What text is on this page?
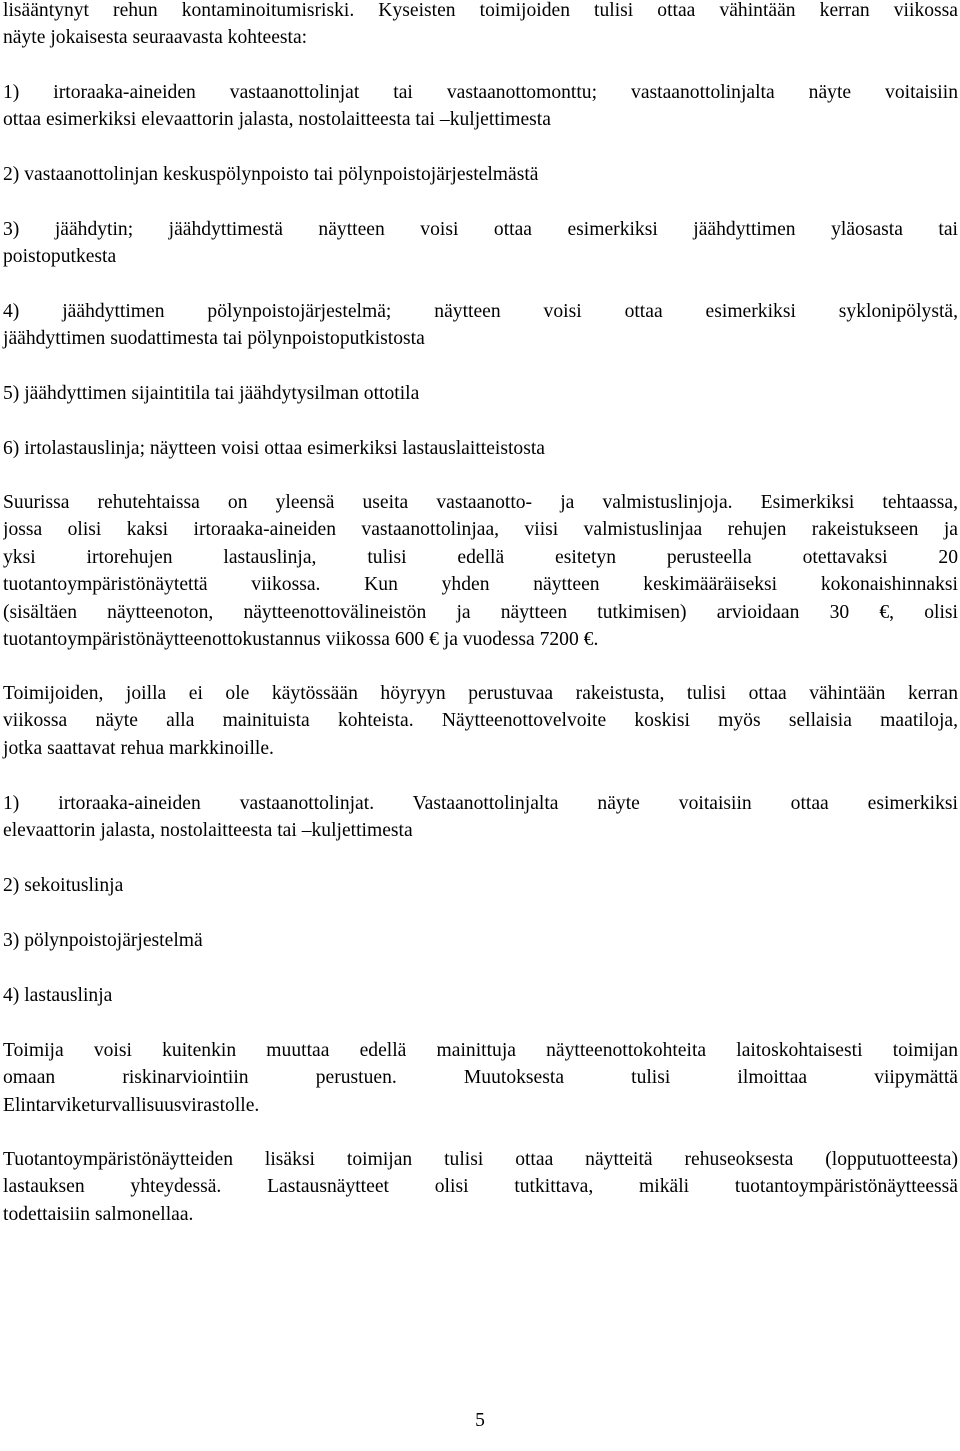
lisääntynyt rehun kontaminoitumisriski. Kyseisten toimijoiden tulisi ottaa vähintään kerran viikossa
näyte jokaisesta seuraavasta kohteesta:
1) irtoraaka-aineiden vastaanottolinjat tai vastaanottomonttu; vastaanottolinjalta näyte voitaisiin
ottaa esimerkiksi elevaattorin jalasta, nostolaitteesta tai –kuljettimesta
2) vastaanottolinjan keskuspölynpoisto tai pölynpoistojärjestelmästä
3) jäähdytin; jäähdyttimestä näytteen voisi ottaa esimerkiksi jäähdyttimen yläosasta tai
poistoputkesta
4) jäähdyttimen pölynpoistojärjestelmä; näytteen voisi ottaa esimerkiksi syklonipölystä,
jäähdyttimen suodattimesta tai pölynpoistoputkistosta
5) jäähdyttimen sijaintitila tai jäähdytysilman ottotila
6) irtolastauslinja; näytteen voisi ottaa esimerkiksi lastauslaitteistosta
Suurissa rehutehtaissa on yleensä useita vastaanotto- ja valmistuslinjoja. Esimerkiksi tehtaassa,
jossa olisi kaksi irtoraaka-aineiden vastaanottolinjaa, viisi valmistuslinjaa rehujen rakeistukseen ja
yksi irtorehujen lastauslinja, tulisi edellä esitetyn perusteella otettavaksi 20
tuotantoympäristönäytettä viikossa. Kun yhden näytteen keskimääräiseksi kokonaishinnaksi
(sisältäen näytteenoton, näytteenottovälineistön ja näytteen tutkimisen) arvioidaan 30 €, olisi
tuotantoympäristönäytteenottokustannus viikossa 600 € ja vuodessa 7200 €.
Toimijoiden, joilla ei ole käytössään höyryyn perustuvaa rakeistusta, tulisi ottaa vähintään kerran
viikossa näyte alla mainituista kohteista. Näytteenottovelvoite koskisi myös sellaisia maatiloja,
jotka saattavat rehua markkinoille.
1) irtoraaka-aineiden vastaanottolinjat. Vastaanottolinjalta näyte voitaisiin ottaa esimerkiksi
elevaattorin jalasta, nostolaitteesta tai –kuljettimesta
2) sekoituslinja
3) pölynpoistojärjestelmä
4) lastauslinja
Toimija voisi kuitenkin muuttaa edellä mainittuja näytteenottokohteita laitoskohtaisesti toimijan
omaan riskinarviointiin perustuen. Muutoksesta tulisi ilmoittaa viipymättä
Elintarviketurvallisuusvirastolle.
Tuotantoympäristönäytteiden lisäksi toimijan tulisi ottaa näytteitä rehuseoksesta (lopputuotteesta)
lastauksen yhteydessä. Lastausnäytteet olisi tutkittava, mikäli tuotantoympäristönäytteessä
todettaisiin salmonellaa.
5
